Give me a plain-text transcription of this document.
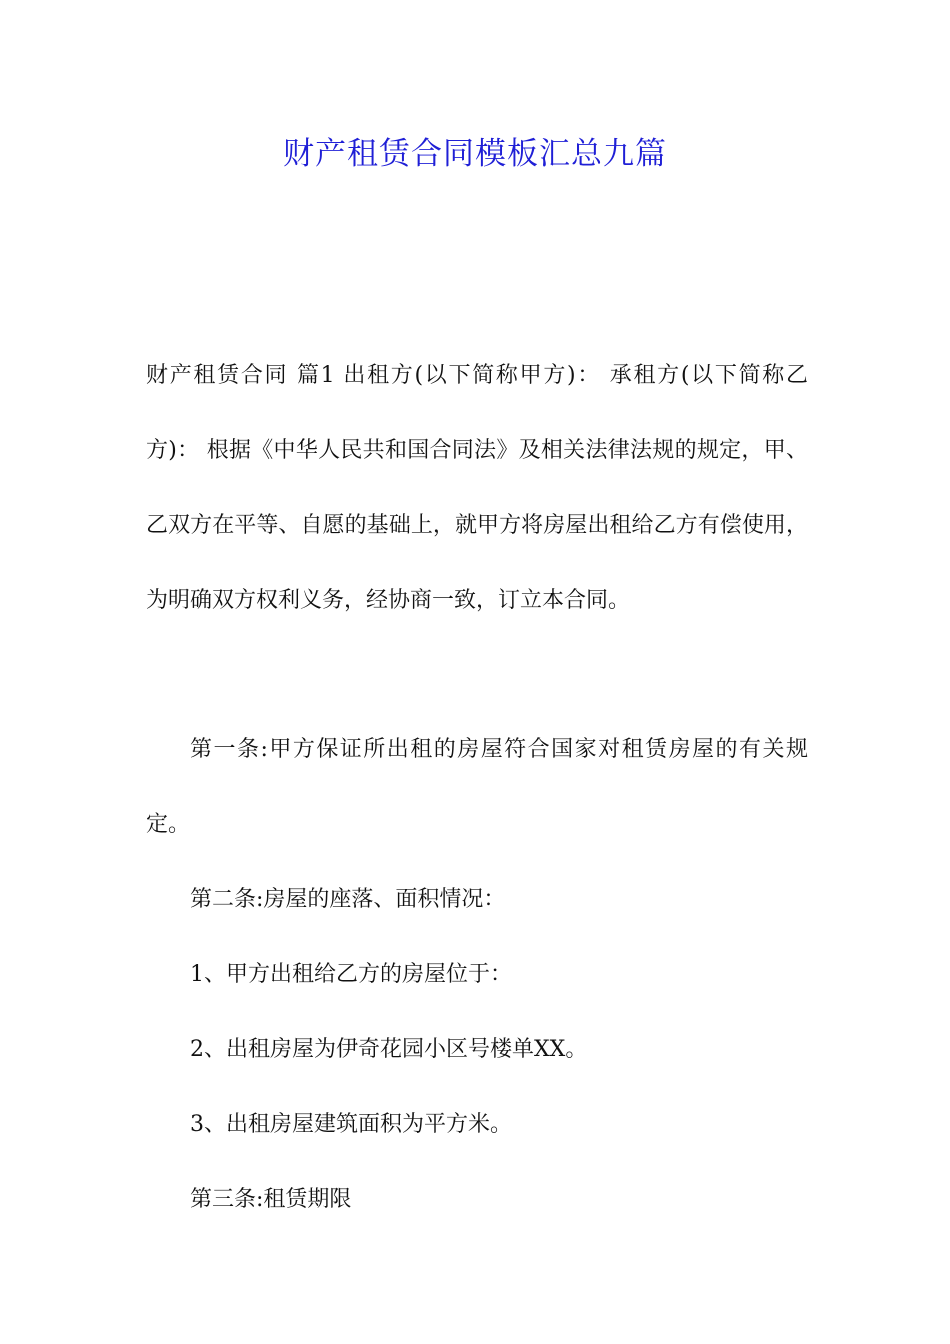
财产租赁合同模板汇总九篇
财产租赁合同 篇1 出租方(以下简称甲方)： 承租方(以下简称乙方)： 根据《中华人民共和国合同法》及相关法律法规的规定，甲、乙双方在平等、自愿的基础上，就甲方将房屋出租给乙方有偿使用，为明确双方权利义务，经协商一致，订立本合同。
第一条:甲方保证所出租的房屋符合国家对租赁房屋的有关规定。
第二条:房屋的座落、面积情况：
1、甲方出租给乙方的房屋位于：
2、出租房屋为伊奇花园小区号楼单XX。
3、出租房屋建筑面积为平方米。
第三条:租赁期限
